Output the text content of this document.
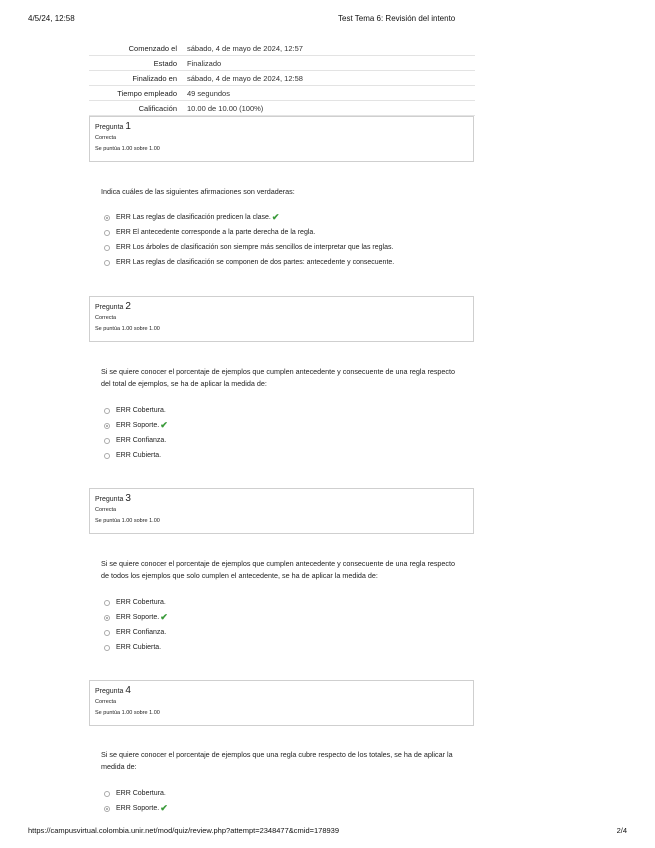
4/5/24, 12:58	Test Tema 6: Revisión del intento
Comenzado el	sábado, 4 de mayo de 2024, 12:57
Estado	Finalizado
Finalizado en	sábado, 4 de mayo de 2024, 12:58
Tiempo empleado	49 segundos
Calificación	10.00 de 10.00 (100%)
Pregunta 1
Correcta
Se puntúa 1.00 sobre 1.00
Indica cuáles de las siguientes afirmaciones son verdaderas:
ERR Las reglas de clasificación predicen la clase. ✔
ERR El antecedente corresponde a la parte derecha de la regla.
ERR Los árboles de clasificación son siempre más sencillos de interpretar que las reglas.
ERR Las reglas de clasificación se componen de dos partes: antecedente y consecuente.
Pregunta 2
Correcta
Se puntúa 1.00 sobre 1.00
Si se quiere conocer el porcentaje de ejemplos que cumplen antecedente y consecuente de una regla respecto del total de ejemplos, se ha de aplicar la medida de:
ERR Cobertura.
ERR Soporte. ✔
ERR Confianza.
ERR Cubierta.
Pregunta 3
Correcta
Se puntúa 1.00 sobre 1.00
Si se quiere conocer el porcentaje de ejemplos que cumplen antecedente y consecuente de una regla respecto de todos los ejemplos que solo cumplen el antecedente, se ha de aplicar la medida de:
ERR Cobertura.
ERR Soporte. ✔
ERR Confianza.
ERR Cubierta.
Pregunta 4
Correcta
Se puntúa 1.00 sobre 1.00
Si se quiere conocer el porcentaje de ejemplos que una regla cubre respecto de los totales, se ha de aplicar la medida de:
ERR Cobertura.
ERR Soporte. ✔
https://campusvirtual.colombia.unir.net/mod/quiz/review.php?attempt=2348477&cmid=178939	2/4
